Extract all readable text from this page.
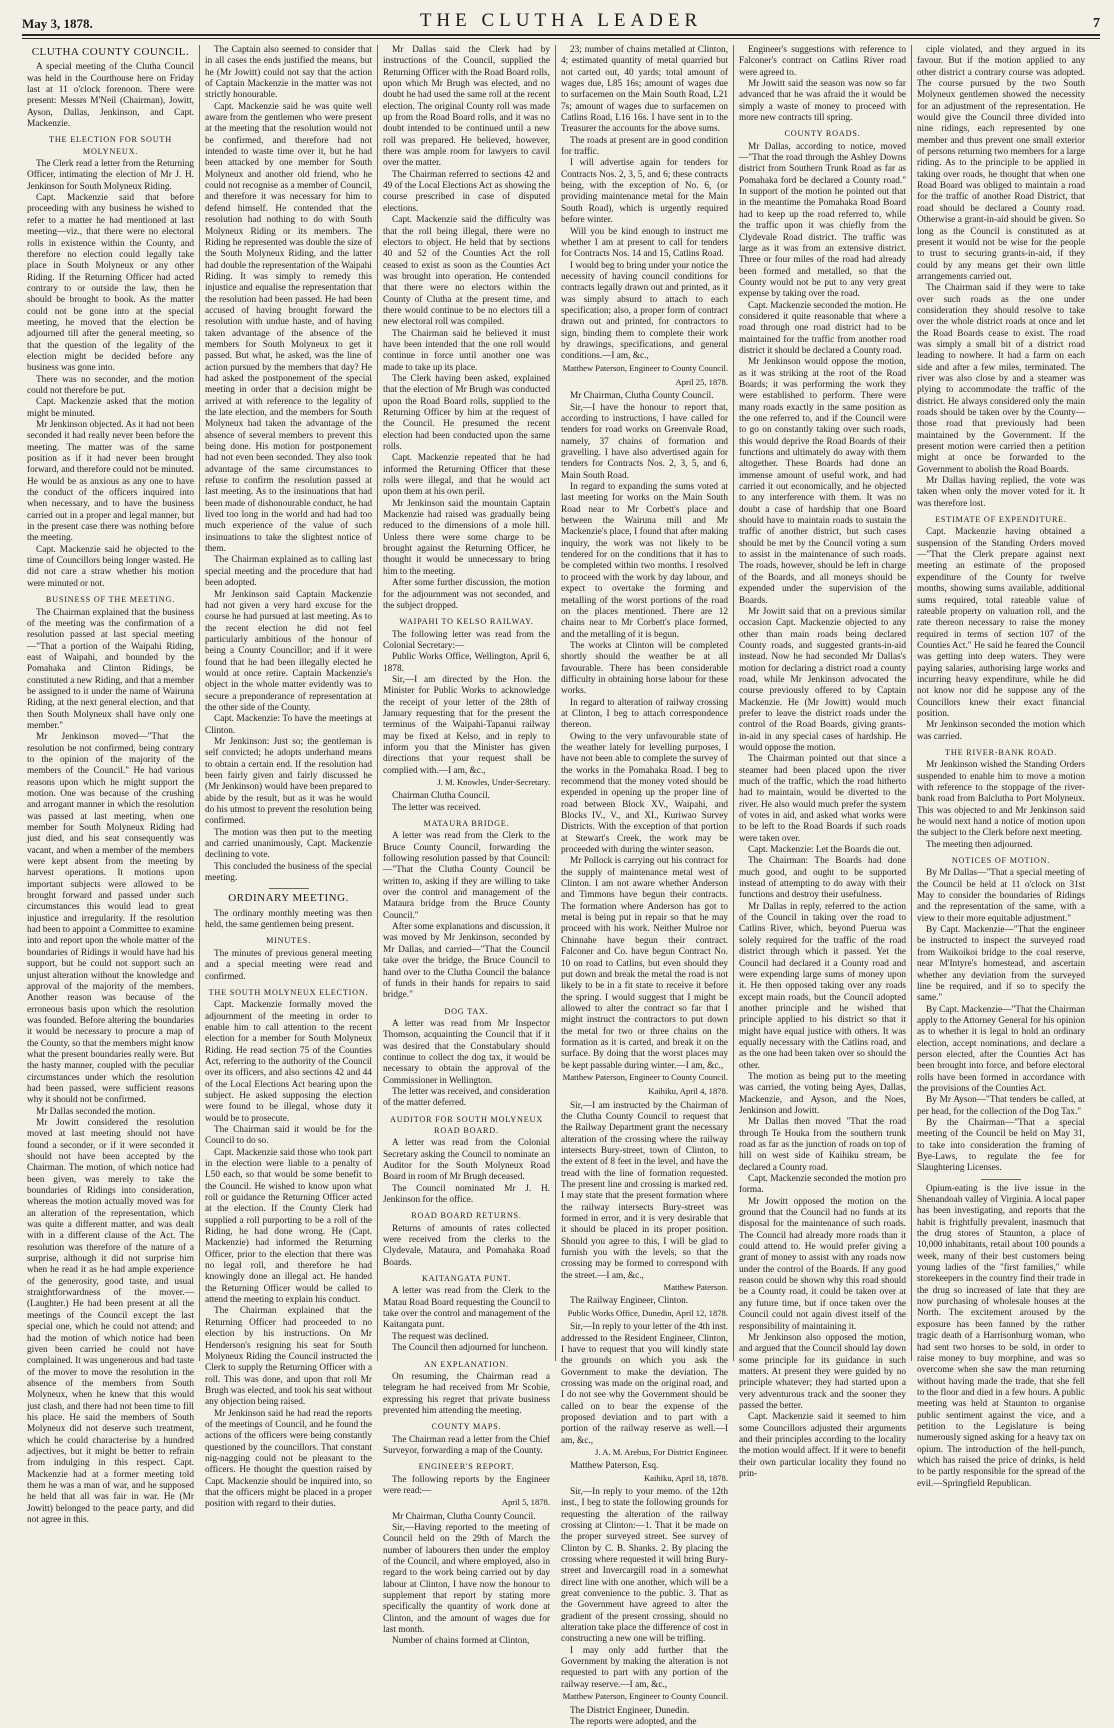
May 3, 1878.	THE CLUTHA LEADER	7
CLUTHA COUNTY COUNCIL.

A special meeting of the Clutha Council was held in the Courthouse here on Friday last at 11 o'clock forenoon. There were present: Messrs M'Neil (Chairman), Jowitt, Ayson, Dallas, Jenkinson, and Capt. Mackenzie.

THE ELECTION FOR SOUTH MOLYNEUX.

The Clerk read a letter from the Returning Officer, intimating the election of Mr J. H. Jenkinson for South Molyneux Riding.

Capt. Mackenzie said that before proceeding with any business he wished to refer to a matter he had mentioned at last meeting—viz., that there were no electoral rolls in existence within the County, and therefore no election could legally take place in South Molyneux or any other Riding. If the Returning Officer had acted contrary to or outside the law, then he should be brought to book. As the matter could not be gone into at the special meeting, he moved that the election be adjourned till after the general meeting, so that the question of the legality of the election might be decided before any business was gone into.

There was no seconder, and the motion could not therefore be put.

Capt. Mackenzie asked that the motion might be minuted.

Mr Jenkinson objected. As it had not been seconded it had really never been before the meeting. The matter was of the same position as if it had never been brought forward, and therefore could not be minuted. He would be as anxious as any one to have the conduct of the officers inquired into when necessary, and to have the business carried out in a proper and legal manner, but in the present case there was nothing before the meeting.

Capt. Mackenzie said he objected to the time of Councillors being longer wasted. He did not care a straw whether his motion were minuted or not.

BUSINESS OF THE MEETING.

The Chairman explained that the business of the meeting was the confirmation of a resolution passed at last special meeting—"That a portion of the Waipahi Riding, east of Waipahi, and bounded by the Pomahaka and Clinton Ridings, be constituted a new Riding, and that a member be assigned to it under the name of Wairuna Riding, at the next general election, and that then South Molyneux shall have only one member."

Mr Jenkinson moved—"That the resolution be not confirmed, being contrary to the opinion of the majority of the members of the Council." He had various reasons upon which he might support the motion. One was because of the crushing and arrogant manner in which the resolution was passed at last meeting, when one member for South Molyneux Riding had just died, and his seat consequently was vacant, and when a member of the members were kept absent from the meeting by harvest operations. It motions upon important subjects were allowed to be brought forward and passed under such circumstances this would lead to great injustice and irregularity. If the resolution had been to appoint a Committee to examine into and report upon the whole matter of the boundaries of Ridings it would have had his support, but he could not support such an unjust alteration without the knowledge and approval of the majority of the members. Another reason was because of the erroneous basis upon which the resolution was founded. Before altering the boundaries it would be necessary to procure a map of the County, so that the members might know what the present boundaries really were. But the hasty manner, coupled with the peculiar circumstances under which the resolution had been passed, were sufficient reasons why it should not be confirmed.

Mr Dallas seconded the motion.

Mr Jowitt considered the resolution moved at last meeting should not have found a seconder, or if it were seconded it should not have been accepted by the Chairman. The motion, of which notice had been given, was merely to take the boundaries of Ridings into consideration, whereas the motion actually moved was for an alteration of the representation, which was quite a different matter, and was dealt with in a different clause of the Act. The resolution was therefore of the nature of a surprise, although it did not surprise him when he read it as he had ample experience of the generosity, good taste, and usual straightforwardness of the mover.— (Laughter.) He had been present at all the meetings of the Council except the last special one, which he could not attend; and had the motion of which notice had been given been carried he could not have complained. It was ungenerous and bad taste of the mover to move the resolution in the absence of the members from South Molyneux, when he knew that this would just clash, and there had not been time to fill his place. He said the members of South Molyneux did not deserve such treatment, which he could characterise by a hundred adjectives, but it might be better to refrain from indulging in this respect. Capt. Mackenzie had at a former meeting told them he was a man of war, and he supposed he held that all was fair in war. He (Mr Jowitt) belonged to the peace party, and did not agree in this.

The Captain also seemed to consider that in all cases the ends justified the means, but he (Mr Jowitt) could not say that the action of Captain Mackenzie in the matter was not strictly honourable.

Capt. Mackenzie said he was quite well aware from the gentlemen who were present at the meeting that the resolution would not be confirmed, and therefore had not intended to waste time over it, but he had been attacked by one member for South Molyneux and another old friend, who he could not recognise as a member of Council, and therefore it was necessary for him to defend himself. He contended that the resolution had nothing to do with South Molyneux Riding or its members. The Riding he represented was double the size of the South Molyneux Riding, and the latter had double the representation of the Waipahi Riding. It was simply to remedy this injustice and equalise the representation that the resolution had been passed. He had been accused of having brought forward the resolution with undue haste, and of having taken advantage of the absence of the members for South Molyneux to get it passed. But what, he asked, was the line of action pursued by the members that day? He had asked the postponement of the special meeting in order that a decision might be arrived at with reference to the legality of the late election, and the members for South Molyneux had taken the advantage of the absence of several members to prevent this being done. His motion for postponement had not even been seconded. They also took advantage of the same circumstances to refuse to confirm the resolution passed at last meeting. As to the insinuations that had been made of dishonourable conduct, he had lived too long in the world and had had too much experience of the value of such insinuations to take the slightest notice of them.

The Chairman explained as to calling last special meeting and the procedure that had been adopted.

Mr Jenkinson said Captain Mackenzie had not given a very hard excuse for the course he had pursued at last meeting. As to the recent election he did not feel particularly ambitious of the honour of being a County Councillor; and if it were found that he had been illegally elected he would at once retire. Captain Mackenzie's object in the whole matter evidently was to secure a preponderance of representation at the other side of the County.

Capt. Mackenzie: To have the meetings at Clinton.

Mr Jenkinson: Just so; the gentleman is self convicted; he adopts underhand means to obtain a certain end. If the resolution had been fairly given and fairly discussed he (Mr Jenkinson) would have been prepared to abide by the result, but as it was he would do his utmost to prevent the resolution being confirmed.

The motion was then put to the meeting and carried unanimously, Capt. Mackenzie declining to vote.

This concluded the business of the special meeting.

ORDINARY MEETING.

The ordinary monthly meeting was then held, the same gentlemen being present.

MINUTES.

The minutes of previous general meeting and a special meeting were read and confirmed.

THE SOUTH MOLYNEUX ELECTION.

Capt. Mackenzie formally moved the adjournment of the meeting in order to enable him to call attention to the recent election for a member for South Molyneux Riding. He read section 75 of the Counties Act, referring to the authority of the Council over its officers, and also sections 42 and 44 of the Local Elections Act bearing upon the subject. He asked supposing the election were found to be illegal, whose duty it would be to prosecute.

The Chairman said it would be for the Council to do so.

Capt. Mackenzie said those who took part in the election were liable to a penalty of L50 each, so that would be some benefit to the Council. He wished to know upon what roll or guidance the Returning Officer acted at the election. If the County Clerk had supplied a roll purporting to be a roll of the Riding, he had done wrong. He (Capt. Mackenzie) had informed the Returning Officer, prior to the election that there was no legal roll, and therefore he had knowingly done an illegal act. He handed the Returning Officer would be called to attend the meeting to explain his conduct.

The Chairman explained that the Returning Officer had proceeded to no election by his instructions. On Mr Henderson's resigning his seat for South Molyneux Riding the Council instructed the Clerk to supply the Returning Officer with a roll. This was done, and upon that roll Mr Brugh was elected, and took his seat without any objection being raised.

Mr Jenkinson said he had read the reports of the meetings of Council, and he found the actions of the officers were being constantly questioned by the councillors. That constant nig-nagging could not be pleasant to the officers. He thought the question raised by Capt. Mackenzie should be inquired into, so that the officers might be placed in a proper position with regard to their duties.

Mr Dallas said the Clerk had by instructions of the Council, supplied the Returning Officer with the Road Board rolls, upon which Mr Brugh was elected, and no doubt he had used the same roll at the recent election. The original County roll was made up from the Road Board rolls, and it was no doubt intended to be continued until a new roll was prepared. He believed, however, there was ample room for lawyers to cavil over the matter.

The Chairman referred to sections 42 and 49 of the Local Elections Act as showing the course prescribed in case of disputed elections.

Capt. Mackenzie said the difficulty was that the roll being illegal, there were no electors to object. He held that by sections 40 and 52 of the Counties Act the roll ceased to exist as soon as the Counties Act was brought into operation. He contended that there were no electors within the County of Clutha at the present time, and there would continue to be no electors till a new electoral roll was compiled.

The Chairman said he believed it must have been intended that the one roll would continue in force until another one was made to take up its place.

The Clerk having been asked, explained that the election of Mr Brugh was conducted upon the Road Board rolls, supplied to the Returning Officer by him at the request of the Council. He presumed the recent election had been conducted upon the same rolls.

Capt. Mackenzie repeated that he had informed the Returning Officer that these rolls were illegal, and that he would act upon them at his own peril.

Mr Jenkinson said the mountain Captain Mackenzie had raised was gradually being reduced to the dimensions of a mole hill. Unless there were some charge to be brought against the Returning Officer, he thought it would be unnecessary to bring him to the meeting.

After some further discussion, the motion for the adjournment was not seconded, and the subject dropped.

WAIPAHI TO KELSO RAILWAY.

The following letter was read from the Colonial Secretary:—

Public Works Office, Wellington, April 6, 1878.

Sir,—I am directed by the Hon. the Minister for Public Works to acknowledge the receipt of your letter of the 28th of January requesting that for the present the terminus of the Waipahi-Tapanui railway may be fixed at Kelso, and in reply to inform you that the Minister has given directions that your request shall be complied with.—I am, &c.,

J. M. Knowles, Under-Secretary.

Chairman Clutha Council.

The letter was received.

MATAURA BRIDGE.

A letter was read from the Clerk to the Bruce County Council, forwarding the following resolution passed by that Council:—"That the Clutha County Council be written to, asking if they are willing to take over the control and management of the Mataura bridge from the Bruce County Council."

After some explanations and discussion, it was moved by Mr Jenkinson, seconded by Mr Dallas, and carried—"That the Council take over the bridge, the Bruce Council to hand over to the Clutha Council the balance of funds in their hands for repairs to said bridge."

DOG TAX.

A letter was read from Mr Inspector Thomson, acquainting the Council that if it was desired that the Constabulary should continue to collect the dog tax, it would be necessary to obtain the approval of the Commissioner in Wellington.

The letter was received, and consideration of the matter deferred.

AUDITOR FOR SOUTH MOLYNEUX ROAD BOARD.

A letter was read from the Colonial Secretary asking the Council to nominate an Auditor for the South Molyneux Road Board in room of Mr Brugh deceased.

The Council nominated Mr J. H. Jenkinson for the office.

ROAD BOARD RETURNS.

Returns of amounts of rates collected were received from the clerks to the Clydevale, Mataura, and Pomahaka Road Boards.

KAITANGATA PUNT.

A letter was read from the Clerk to the Matau Road Board requesting the Council to take over the control and management of the Kaitangata punt.

The request was declined.

The Council then adjourned for luncheon.

AN EXPLANATION.

On resuming, the Chairman read a telegram he had received from Mr Scobie, expressing his regret that private business prevented him attending the meeting.

COUNTY MAPS.

The Chairman read a letter from the Chief Surveyor, forwarding a map of the County.

ENGINEER'S REPORT.

The following reports by the Engineer were read:—

April 5, 1878.

Mr Chairman, Clutha County Council.

Sir,—Having reported to the meeting of Council held on the 29th of March the number of labourers then under the employ of the Council, and where employed, also in regard to the work being carried out by day labour at Clinton, I have now the honour to supplement that report by stating more specifically the quantity of work done at Clinton, and the amount of wages due for last month.

Number of chains formed at Clinton,

23; number of chains metalled at Clinton, 4; estimated quantity of metal quarried but not carted out, 40 yards; total amount of wages due, L85 16s; amount of wages due to surfacemen on the Main South Road, L21 7s; amount of wages due to surfacemen on Catlins Road, L16 16s. I have sent in to the Treasurer the accounts for the above sums.

The roads at present are in good condition for traffic.

I will advertise again for tenders for Contracts Nos. 2, 3, 5, and 6; these contracts being, with the exception of No. 6, (or providing maintenance metal for the Main South Road), which is urgently required before winter.

Will you be kind enough to instruct me whether I am at present to call for tenders for Contracts Nos. 14 and 15, Catlins Road.

I would beg to bring under your notice the necessity of having council conditions for contracts legally drawn out and printed, as it was simply absurd to attach to each specification; also, a proper form of contract drawn out and printed, for contractors to sign, binding them to complete their work by drawings, specifications, and general conditions.—I am, &c.,

Matthew Paterson, Engineer to County Council.

April 25, 1878.

Mr Chairman, Clutha County Council.

Sir,—I have the honour to report that, according to instructions, I have called for tenders for road works on Greenvale Road, namely, 37 chains of formation and gravelling. I have also advertised again for tenders for Contracts Nos. 2, 3, 5, and 6, Main South Road.

In regard to expanding the sums voted at last meeting for works on the Main South Road near to Mr Corbett's place and between the Wairuna mill and Mr Mackenzie's place, I found that after making inquiry, the work was not likely to be tendered for on the conditions that it has to be completed within two months. I resolved to proceed with the work by day labour, and expect to overtake the forming and metalling of the worst portions of the road on the places mentioned. There are 12 chains near to Mr Corbett's place formed, and the metalling of it is begun.

The works at Clinton will be completed shortly should the weather be at all favourable. There has been considerable difficulty in obtaining horse labour for these works.

In regard to alteration of railway crossing at Clinton, I beg to attach correspondence thereon.

Owing to the very unfavourable state of the weather lately for levelling purposes, I have not been able to complete the survey of the works in the Pomahaka Road. I beg to recommend that the money voted should be expended in opening up the proper line of road between Block XV., Waipahi, and Blocks IV., V., and XI., Kuriwao Survey Districts. With the exception of that portion at Stewart's Creek, the work may be proceeded with during the winter season.

Mr Pollock is carrying out his contract for the supply of maintenance metal west of Clinton. I am not aware whether Anderson and Timmons have begun their contracts. The formation where Anderson has got to metal is being put in repair so that he may proceed with his work. Neither Mulroe nor Chinnahe have begun their contract. Falconer and Co. have begun Contract No. 10 on road to Catlins, but even should they put down and break the metal the road is not likely to be in a fit state to receive it before the spring. I would suggest that I might be allowed to alter the contract so far that I might instruct the contractors to put down the metal for two or three chains on the formation as it is carted, and break it on the surface. By doing that the worst places may be kept passable during winter.—I am, &c.,

Matthew Paterson, Engineer to County Council.

Kaihiku, April 4, 1878.

Sir,—I am instructed by the Chairman of the Clutha County Council to request that the Railway Department grant the necessary alteration of the crossing where the railway intersects Bury-street, town of Clinton, to the extent of 8 feet in the level, and have the tread with the line of formation requested. The present line and crossing is marked red. I may state that the present formation where the railway intersects Bury-street was formed in error, and it is very desirable that it should be placed in its proper position. Should you agree to this, I will be glad to furnish you with the levels, so that the crossing may be formed to correspond with the street.—I am, &c.,

Matthew Paterson.

The Railway Engineer, Clinton.

Public Works Office, Dunedin, April 12, 1878.

Sir,—In reply to your letter of the 4th inst. addressed to the Resident Engineer, Clinton, I have to request that you will kindly state the grounds on which you ask the Government to make the deviation. The crossing was made on the original road, and I do not see why the Government should be called on to bear the expense of the proposed deviation and to part with a portion of the railway reserve as well.—I am, &c.,

J. A. M. Arebus, For District Engineer.

Matthew Paterson, Esq.

Kaihiku, April 18, 1878.

Sir,—In reply to your memo. of the 12th inst., I beg to state the following grounds for requesting the alteration of the railway crossing at Clinton:—1. That it be made on the proper surveyed street. See survey of Clinton by C. B. Shanks. 2. By placing the crossing where requested it will bring Bury-street and Invercargill road in a somewhat direct line with one another, which will be a great convenience to the public. 3. That as the Government have agreed to alter the gradient of the present crossing, should no alteration take place the difference of cost in constructing a new one will be trifling.

I may only add further that the Government by making the alteration is not requested to part with any portion of the railway reserve.—I am, &c.,

Matthew Paterson, Engineer to County Council.

The District Engineer, Dunedin.

The reports were adopted, and the

Engineer's suggestions with reference to Falconer's contract on Catlins River road were agreed to.

Mr Jowitt said the season was now so far advanced that he was afraid the it would be simply a waste of money to proceed with more new contracts till spring.

COUNTY ROADS.

Mr Dallas, according to notice, moved—"That the road through the Ashley Downs district from Southern Trunk Road as far as Pomahaka ford be declared a County road." In support of the motion he pointed out that in the meantime the Pomahaka Road Board had to keep up the road referred to, while the traffic upon it was chiefly from the Clydevale Road district. The traffic was large as it was from an extensive district. Three or four miles of the road had already been formed and metalled, so that the County would not be put to any very great expense by taking over the road.

Capt. Mackenzie seconded the motion. He considered it quite reasonable that where a road through one road district had to be maintained for the traffic from another road district it should be declared a County road.

Mr Jenkinson would oppose the motion, as it was striking at the root of the Road Boards; it was performing the work they were established to perform. There were many roads exactly in the same position as the one referred to, and if the Council were to go on constantly taking over such roads, this would deprive the Road Boards of their functions and ultimately do away with them altogether. These Boards had done an immense amount of useful work, and had carried it out economically, and he objected to any interference with them. It was no doubt a case of hardship that one Board should have to maintain roads to sustain the traffic of another district, but such cases should be met by the Council voting a sum to assist in the maintenance of such roads. The roads, however, should be left in charge of the Boards, and all moneys should be expended under the supervision of the Boards.

Mr Jowitt said that on a previous similar occasion Capt. Mackenzie objected to any other than main roads being declared County roads, and suggested grants-in-aid instead. Now he had seconded Mr Dallas's motion for declaring a district road a county road, while Mr Jenkinson advocated the course previously offered to by Captain Mackenzie. He (Mr Jowitt) would much prefer to leave the district roads under the control of the Road Boards, giving grants-in-aid in any special cases of hardship. He would oppose the motion.

The Chairman pointed out that since a steamer had been placed upon the river much of the traffic, which the road hitherto had to maintain, would be diverted to the river. He also would much prefer the system of votes in aid, and asked what works were to be left to the Road Boards if such roads were taken over.

Capt. Mackenzie: Let the Boards die out.

The Chairman: The Boards had done much good, and ought to be supported instead of attempting to do away with their functions and destroy their usefulness.

Mr Dallas in reply, referred to the action of the Council in taking over the road to Catlins River, which, beyond Puerua was solely required for the traffic of the road district through which it passed. Yet the Council had declared it a County road and were expending large sums of money upon it. He then opposed taking over any roads except main roads, but the Council adopted another principle and he wished that principle applied to his district so that it might have equal justice with others. It was equally necessary with the Catlins road, and as the one had been taken over so should the other.

The motion as being put to the meeting was carried, the voting being Ayes, Dallas, Mackenzie, and Ayson, and the Noes, Jenkinson and Jowitt.

Mr Dallas then moved "That the road through Te Houka from the southern trunk road as far as the junction of roads on top of hill on west side of Kaihiku stream, be declared a County road.

Capt. Mackenzie seconded the motion pro forma.

Mr Jowitt opposed the motion on the ground that the Council had no funds at its disposal for the maintenance of such roads. The Council had already more roads than it could attend to. He would prefer giving a grant of money to assist with any roads now under the control of the Boards. If any good reason could be shown why this road should be a County road, it could be taken over at any future time, but if once taken over the Council could not again divest itself of the responsibility of maintaining it.

Mr Jenkinson also opposed the motion, and argued that the Council should lay down some principle for its guidance in such matters. At present they were guided by no principle whatever; they had started upon a very adventurous track and the sooner they passed the better.

Capt. Mackenzie said it seemed to him some Councillors adjusted their arguments and their principles according to the locality the motion would affect. If it were to benefit their own particular locality they found no prin-

ciple violated, and they argued in its favour. But if the motion applied to any other district a contrary course was adopted. The course pursued by the two South Molyneux gentlemen showed the necessity for an adjustment of the representation. He would give the Council three divided into nine ridings, each represented by one member and thus prevent one small exterior of persons returning two members for a large riding. As to the principle to be applied in taking over roads, he thought that when one Road Board was obliged to maintain a road for the traffic of another Road District, that road should be declared a County road. Otherwise a grant-in-aid should be given. So long as the Council is constituted as at present it would not be wise for the people to trust to securing grants-in-aid, if they could by any means get their own little arrangements carried out.

The Chairman said if they were to take over such roads as the one under consideration they should resolve to take over the whole district roads at once and let the Road Boards cease to exist. The road was simply a small bit of a district road leading to nowhere. It had a farm on each side and after a few miles, terminated. The river was also close by and a steamer was plying to accommodate the traffic of the district. He always considered only the main roads should be taken over by the County—those road that previously had been maintained by the Government. If the present motion were carried then a petition might at once be forwarded to the Government to abolish the Road Boards.

Mr Dallas having replied, the vote was taken when only the mover voted for it. It was therefore lost.

ESTIMATE OF EXPENDITURE.

Capt. Mackenzie having obtained a suspension of the Standing Orders moved—"That the Clerk prepare against next meeting an estimate of the proposed expenditure of the County for twelve months, showing sums available, additional sums required, total rateable value of rateable property on valuation roll, and the rate thereon necessary to raise the money required in terms of section 107 of the Counties Act." He said he feared the Council was getting into deep waters. They were paying salaries, authorising large works and incurring heavy expenditure, while he did not know nor did he suppose any of the Councillors knew their exact financial position.

Mr Jenkinson seconded the motion which was carried.

THE RIVER-BANK ROAD.

Mr Jenkinson wished the Standing Orders suspended to enable him to move a motion with reference to the stoppage of the river-bank road from Balclutha to Port Molyneux. This was objected to and Mr Jenkinson said he would next hand a notice of motion upon the subject to the Clerk before next meeting.

The meeting then adjourned.

NOTICES OF MOTION.

By Mr Dallas—"That a special meeting of the Council be held at 11 o'clock on 31st May to consider the boundaries of Ridings and the representation of the same, with a view to their more equitable adjustment."

By Capt. Mackenzie—"That the engineer be instructed to inspect the surveyed road from Waikoikoi bridge to the coal reserve, near M'Intyre's homestead, and ascertain whether any deviation from the surveyed line be required, and if so to specify the same."

By Capt. Mackenzie—"That the Chairman apply to the Attorney General for his opinion as to whether it is legal to hold an ordinary election, accept nominations, and declare a person elected, after the Counties Act has been brought into force, and before electoral rolls have been formed in accordance with the provisions of the Counties Act.

By Mr Ayson—"That tenders be called, at per head, for the collection of the Dog Tax."

By the Chairman—"That a special meeting of the Council be held on May 31, to take into consideration the framing of Bye-Laws, to regulate the fee for Slaughtering Licenses.

Opium-eating is the live issue in the Shenandoah valley of Virginia. A local paper has been investigating, and reports that the habit is frightfully prevalent, inasmuch that the drug stores of Staunton, a place of 10,000 inhabitants, retail about 100 pounds a week, many of their best customers being young ladies of the "first families," while storekeepers in the country find their trade in the drug so increased of late that they are now purchasing of wholesale houses at the North. The excitement aroused by the exposure has been fanned by the rather tragic death of a Harrisonburg woman, who had sent two horses to be sold, in order to raise money to buy morphine, and was so overcome when she saw the man returning without having made the trade, that she fell to the floor and died in a few hours. A public meeting was held at Staunton to organise public sentiment against the vice, and a petition to the Legislature is being numerously signed asking for a heavy tax on opium. The introduction of the hell-punch, which has raised the price of drinks, is held to be partly responsible for the spread of the evil.—Springfield Republican.
